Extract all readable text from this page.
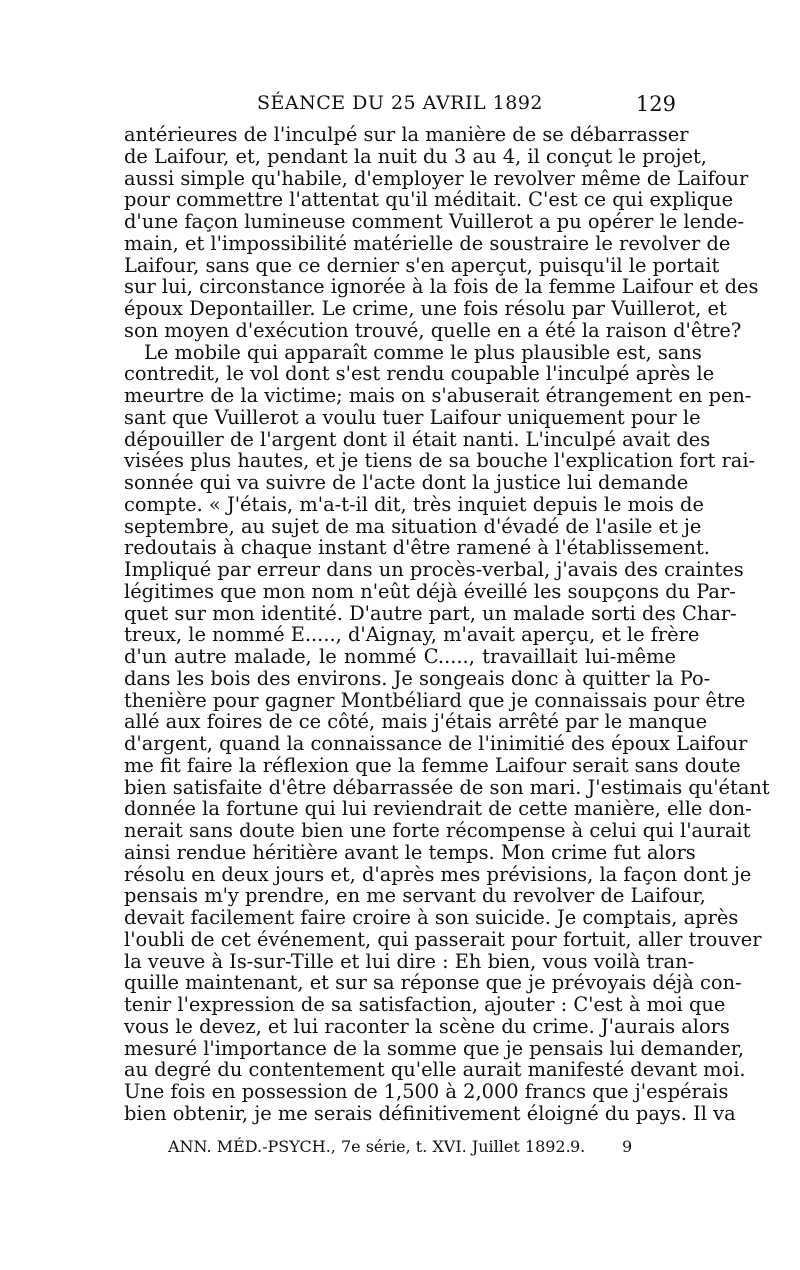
SÉANCE DU 25 AVRIL 1892	129
antérieures de l'inculpé sur la manière de se débarrasser
de Laifour, et, pendant la nuit du 3 au 4, il conçut le projet,
aussi simple qu'habile, d'employer le revolver même de Laifour
pour commettre l'attentat qu'il méditait. C'est ce qui explique
d'une façon lumineuse comment Vuillerot a pu opérer le lende-
main, et l'impossibilité matérielle de soustraire le revolver de
Laifour, sans que ce dernier s'en aperçut, puisqu'il le portait
sur lui, circonstance ignorée à la fois de la femme Laifour et des
époux Depontailler. Le crime, une fois résolu par Vuillerot, et
son moyen d'exécution trouvé, quelle en a été la raison d'être?
Le mobile qui apparaît comme le plus plausible est, sans
contredit, le vol dont s'est rendu coupable l'inculpé après le
meurtre de la victime; mais on s'abuserait étrangement en pen-
sant que Vuillerot a voulu tuer Laifour uniquement pour le
dépouiller de l'argent dont il était nanti. L'inculpé avait des
visées plus hautes, et je tiens de sa bouche l'explication fort rai-
sonnée qui va suivre de l'acte dont la justice lui demande
compte. « J'étais, m'a-t-il dit, très inquiet depuis le mois de
septembre, au sujet de ma situation d'évadé de l'asile et je
redoutais à chaque instant d'être ramené à l'établissement.
Impliqué par erreur dans un procès-verbal, j'avais des craintes
légitimes que mon nom n'eût déjà éveillé les soupçons du Par-
quet sur mon identité. D'autre part, un malade sorti des Char-
treux, le nommé E....., d'Aignay, m'avait aperçu, et le frère
d'un autre malade, le nommé C....., travaillait lui-même
dans les bois des environs. Je songeais donc à quitter la Po-
thenière pour gagner Montbéliard que je connaissais pour être
allé aux foires de ce côté, mais j'étais arrêté par le manque
d'argent, quand la connaissance de l'inimitié des époux Laifour
me fit faire la réflexion que la femme Laifour serait sans doute
bien satisfaite d'être débarrassée de son mari. J'estimais qu'étant
donnée la fortune qui lui reviendrait de cette manière, elle don-
nerait sans doute bien une forte récompense à celui qui l'aurait
ainsi rendue héritière avant le temps. Mon crime fut alors
résolu en deux jours et, d'après mes prévisions, la façon dont je
pensais m'y prendre, en me servant du revolver de Laifour,
devait facilement faire croire à son suicide. Je comptais, après
l'oubli de cet événement, qui passerait pour fortuit, aller trouver
la veuve à Is-sur-Tille et lui dire : Eh bien, vous voilà tran-
quille maintenant, et sur sa réponse que je prévoyais déjà con-
tenir l'expression de sa satisfaction, ajouter : C'est à moi que
vous le devez, et lui raconter la scène du crime. J'aurais alors
mesuré l'importance de la somme que je pensais lui demander,
au degré du contentement qu'elle aurait manifesté devant moi.
Une fois en possession de 1,500 à 2,000 francs que j'espérais
bien obtenir, je me serais définitivement éloigné du pays. Il va
ANN. MÉD.-PSYCH., 7e série, t. XVI. Juillet 1892. 9. 9
